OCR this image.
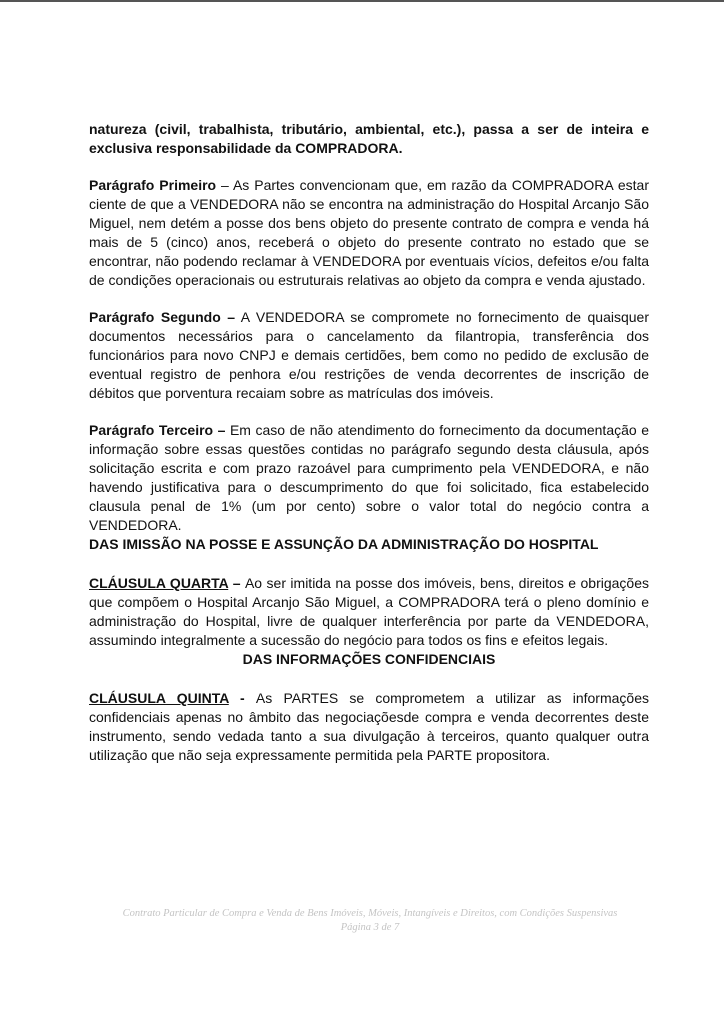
natureza (civil, trabalhista, tributário, ambiental, etc.), passa a ser de inteira e exclusiva responsabilidade da COMPRADORA.

Parágrafo Primeiro – As Partes convencionam que, em razão da COMPRADORA estar ciente de que a VENDEDORA não se encontra na administração do Hospital Arcanjo São Miguel, nem detém a posse dos bens objeto do presente contrato de compra e venda há mais de 5 (cinco) anos, receberá o objeto do presente contrato no estado que se encontrar, não podendo reclamar à VENDEDORA por eventuais vícios, defeitos e/ou falta de condições operacionais ou estruturais relativas ao objeto da compra e venda ajustado.

Parágrafo Segundo – A VENDEDORA se compromete no fornecimento de quaisquer documentos necessários para o cancelamento da filantropia, transferência dos funcionários para novo CNPJ e demais certidões, bem como no pedido de exclusão de eventual registro de penhora e/ou restrições de venda decorrentes de inscrição de débitos que porventura recaiam sobre as matrículas dos imóveis.

Parágrafo Terceiro – Em caso de não atendimento do fornecimento da documentação e informação sobre essas questões contidas no parágrafo segundo desta cláusula, após solicitação escrita e com prazo razoável para cumprimento pela VENDEDORA, e não havendo justificativa para o descumprimento do que foi solicitado, fica estabelecido clausula penal de 1% (um por cento) sobre o valor total do negócio contra a VENDEDORA.

DAS IMISSÃO NA POSSE E ASSUNÇÃO DA ADMINISTRAÇÃO DO HOSPITAL

CLÁUSULA QUARTA – Ao ser imitida na posse dos imóveis, bens, direitos e obrigações que compõem o Hospital Arcanjo São Miguel, a COMPRADORA terá o pleno domínio e administração do Hospital, livre de qualquer interferência por parte da VENDEDORA, assumindo integralmente a sucessão do negócio para todos os fins e efeitos legais.

DAS INFORMAÇÕES CONFIDENCIAIS

CLÁUSULA QUINTA - As PARTES se comprometem a utilizar as informações confidenciais apenas no âmbito das negociaçõesde compra e venda decorrentes deste instrumento, sendo vedada tanto a sua divulgação à terceiros, quanto qualquer outra utilização que não seja expressamente permitida pela PARTE propositora.

Contrato Particular de Compra e Venda de Bens Imóveis, Móveis, Intangíveis e Direitos, com Condições Suspensivas
Página 3 de 7
